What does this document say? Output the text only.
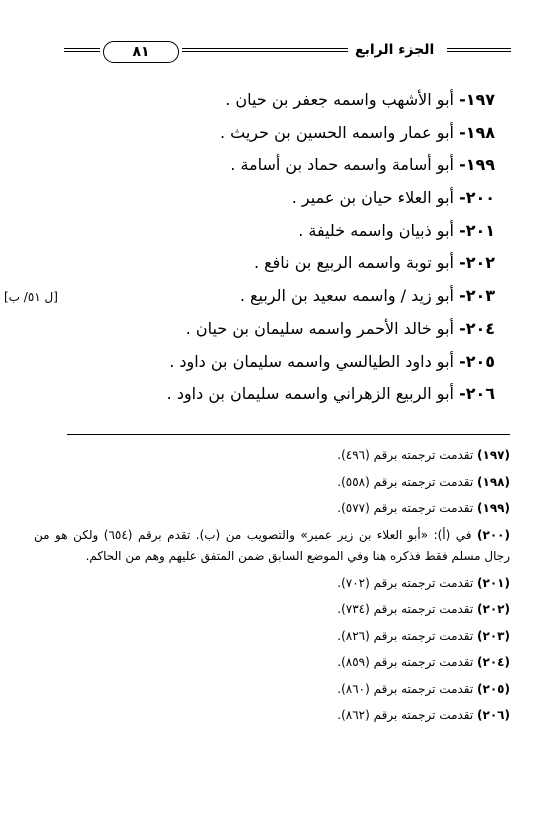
الجزء الرابع
٨١
[ل ٥١/ ب]
١٩٧- أبو الأشهب واسمه جعفر بن حيان .
١٩٨- أبو عمار واسمه الحسين بن حريث .
١٩٩- أبو أسامة واسمه حماد بن أسامة .
٢٠٠- أبو العلاء حيان بن عمير .
٢٠١- أبو ذبيان واسمه خليفة .
٢٠٢- أبو توبة واسمه الربيع بن نافع .
٢٠٣- أبو زيد / واسمه سعيد بن الربيع .
٢٠٤- أبو خالد الأحمر واسمه سليمان بن حيان .
٢٠٥- أبو داود الطيالسي واسمه سليمان بن داود .
٢٠٦- أبو الربيع الزهراني واسمه سليمان بن داود .
(١٩٧) تقدمت ترجمته برقم (٤٩٦).
(١٩٨) تقدمت ترجمته برقم (٥٥٨).
(١٩٩) تقدمت ترجمته برقم (٥٧٧).
(٢٠٠) في (أ): «أبو العلاء بن زير عمير» والتصويب من (ب). تقدم برقم (٦٥٤) ولكن هو من رجال مسلم فقط فذكره هنا وفي الموضع السابق ضمن المتفق عليهم وهم من الحاكم.
(٢٠١) تقدمت ترجمته برقم (٧٠٢).
(٢٠٢) تقدمت ترجمته برقم (٧٣٤).
(٢٠٣) تقدمت ترجمته برقم (٨٢٦).
(٢٠٤) تقدمت ترجمته برقم (٨٥٩).
(٢٠٥) تقدمت ترجمته برقم (٨٦٠).
(٢٠٦) تقدمت ترجمته برقم (٨٦٢).
